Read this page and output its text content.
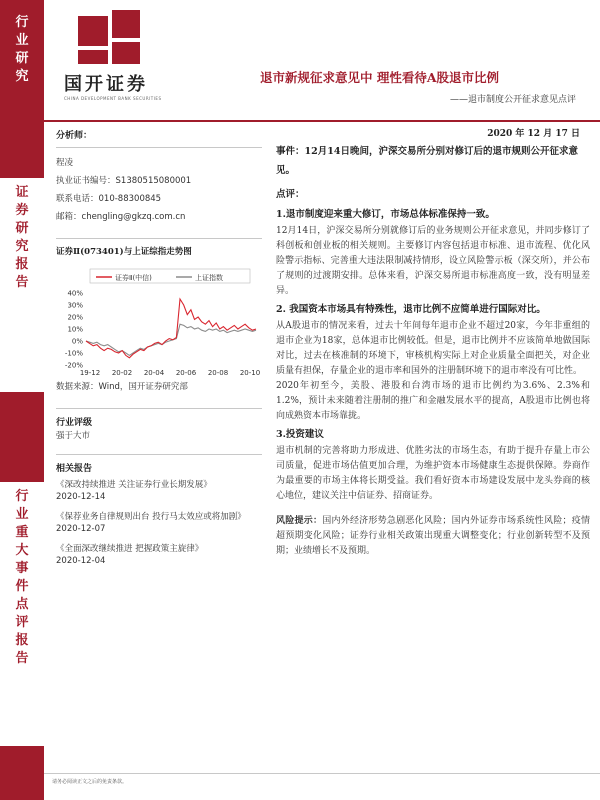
行
业
研
究
证
券
研
究
报
告
行
业
重
大
事
件
点
评
报
告
国开证券
CHINA DEVELOPMENT BANK SECURITIES
退市新规征求意见中 理性看待A股退市比例
——退市制度公开征求意见点评
分析师：
程凌
执业证书编号：S1380515080001
联系电话：010-88300845
邮箱：chengling@gkzq.com.cn
证券Ⅱ(073401)与上证综指走势图
证券Ⅱ(中信)	上证指数
40%
30%
20%
10%
0%
-10%
-20%
19-12 20-02 20-04 20-06 20-08 20-10
数据来源：Wind，国开证券研究部
行业评级
强于大市
相关报告
《深改持续推进 关注证券行业长期发展》
2020-12-14
《保荐业务自律规则出台 投行马太效应或将加剧》
2020-12-07
《全面深改继续推进 把握政策主旋律》
2020-12-04
2020 年 12 月 17 日
事件：12月14日晚间，沪深交易所分别对修订后的退市规则公开征求意见。
点评：

1.退市制度迎来重大修订，市场总体标准保持一致。

12月14日，沪深交易所分别就修订后的业务规则公开征求意见，并同步修订了科创板和创业板的相关规则。主要修订内容包括退市标准、退市流程、优化风险警示指标、完善重大违法限制减持情形，设立风险警示板（深交所），并公布了规则的过渡期安排。总体来看，沪深交易所退市标准高度一致，没有明显差异。

2. 我国资本市场具有特殊性，退市比例不应简单进行国际对比。

从A股退市的情况来看，过去十年间每年退市企业不超过20家，今年非重组的退市企业为18家，总体退市比例较低。但是，退市比例并不应该简单地做国际对比，过去在核准制的环境下，审核机构实际上对企业质量全面把关，对企业质量有担保，存量企业的退市率和国外的注册制环境下的退市率没有可比性。

2020年初至今，美股、港股和台湾市场的退市比例约为3.6%、2.3%和1.2%，预计未来随着注册制的推广和金融发展水平的提高，A股退市比例也将向成熟资本市场靠拢。

3.投资建议

退市机制的完善将助力形成进、优胜劣汰的市场生态，有助于提升存量上市公司质量，促进市场估值更加合理，为维护资本市场健康生态提供保障。券商作为最重要的市场主体将长期受益。我们看好资本市场建设发展中龙头券商的核心地位，建议关注中信证券、招商证券。

风险提示：国内外经济形势急剧恶化风险；国内外证券市场系统性风险；疫情超预期变化风险；证券行业相关政策出现重大调整变化；行业创新转型不及预期；业绩增长不及预期。

请务必阅读正文之后的免责条款。
